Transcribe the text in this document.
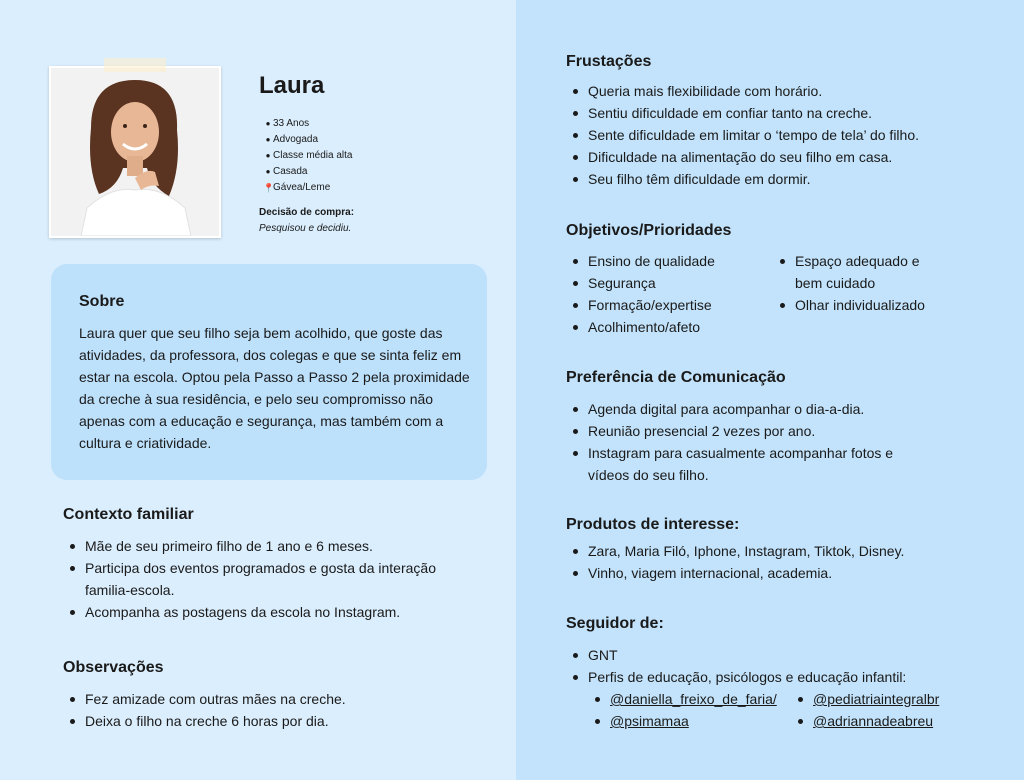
Laura
● 33 Anos
● Advogada
● Classe média alta
● Casada
📍
Gávea/Leme
Decisão de compra:
Pesquisou e decidiu.
Sobre
Laura quer que seu filho seja bem acolhido, que goste das atividades, da professora, dos colegas e que se sinta feliz em estar na escola. Optou pela Passo a Passo 2 pela proximidade da creche à sua residência, e pelo seu compromisso não apenas com a educação e segurança, mas também com a cultura e criatividade.
Contexto familiar
Mãe de seu primeiro filho de 1 ano e 6 meses.
Participa dos eventos programados e gosta da interação familia-escola.
Acompanha as postagens da escola no Instagram.
Observações
Fez amizade com outras mães na creche.
Deixa o filho na creche 6 horas por dia.
Frustações
Queria mais flexibilidade com horário.
Sentiu dificuldade em confiar tanto na creche.
Sente dificuldade em limitar o ‘tempo de tela’ do filho.
Dificuldade na alimentação do seu filho em casa.
Seu filho têm dificuldade em dormir.
Objetivos/Prioridades
Ensino de qualidade
Segurança
Formação/expertise
Acolhimento/afeto
Espaço adequado e bem cuidado
Olhar individualizado
Preferência de Comunicação
Agenda digital para acompanhar o dia-a-dia.
Reunião presencial 2 vezes por ano.
Instagram para casualmente acompanhar fotos e vídeos do seu filho.
Produtos de interesse:
Zara, Maria Filó, Iphone, Instagram, Tiktok, Disney.
Vinho, viagem internacional, academia.
Seguidor de:
GNT
Perfis de educação, psicólogos e educação infantil:
@daniella_freixo_de_faria/
@psimamaa
@pediatriaintegralbr
@adriannadeabreu
